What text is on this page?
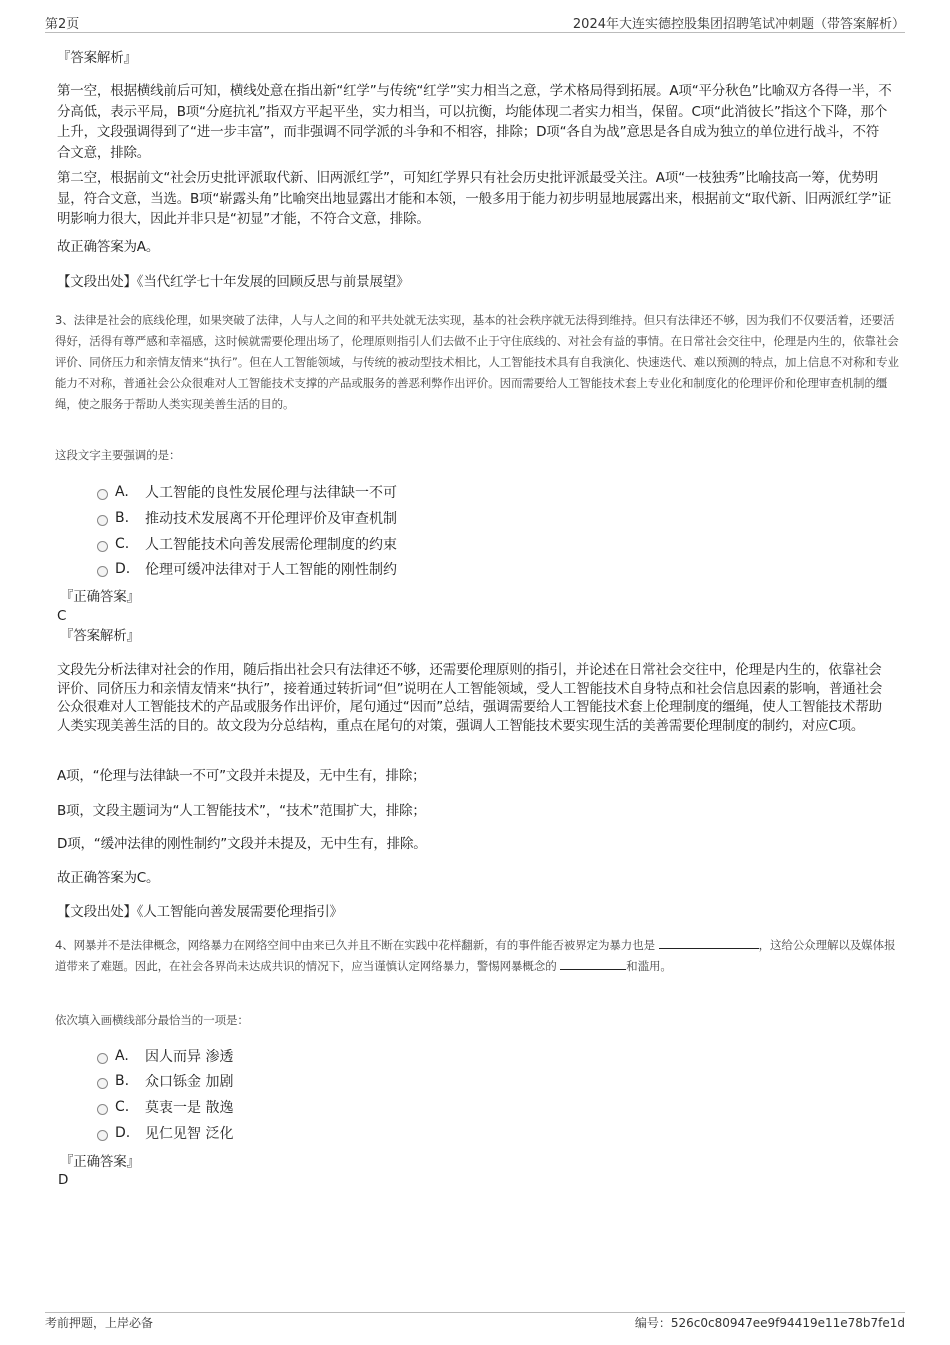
第2页	2024年大连实德控股集团招聘笔试冲刺题（带答案解析）
『答案解析』
第一空，根据横线前后可知，横线处意在指出新“红学”与传统“红学”实力相当之意，学术格局得到拓展。A项“平分秋色”比喻双方各得一半，不分高低，表示平局，B项“分庭抗礼”指双方平起平坐，实力相当，可以抗衡，均能体现二者实力相当，保留。C项“此消彼长”指这个下降，那个上升，文段强调得到了“进一步丰富”，而非强调不同学派的斗争和不相容，排除；D项“各自为战”意思是各自成为独立的单位进行战斗，不符合文意，排除。
第二空，根据前文“社会历史批评派取代新、旧两派红学”，可知红学界只有社会历史批评派最受关注。A项“一枝独秀”比喻技高一筹，优势明显，符合文意，当选。B项“崭露头角”比喻突出地显露出才能和本领，一般多用于能力初步明显地展露出来，根据前文“取代新、旧两派红学”证明影响力很大，因此并非只是“初显”才能，不符合文意，排除。
故正确答案为A。
【文段出处】《当代红学七十年发展的回顾反思与前景展望》
3、法律是社会的底线伦理，如果突破了法律，人与人之间的和平共处就无法实现，基本的社会秩序就无法得到维持。但只有法律还不够，因为我们不仅要活着，还要活得好，活得有尊严感和幸福感，这时候就需要伦理出场了，伦理原则指引人们去做不止于守住底线的、对社会有益的事情。在日常社会交往中，伦理是内生的，依靠社会评价、同侪压力和亲情友情来“执行”。但在人工智能领域，与传统的被动型技术相比，人工智能技术具有自我演化、快速迭代、难以预测的特点，加上信息不对称和专业能力不对称，普通社会公众很难对人工智能技术支撑的产品或服务的善恶利弊作出评价。因而需要给人工智能技术套上专业化和制度化的伦理评价和伦理审查机制的缰绳，使之服务于帮助人类实现美善生活的目的。
这段文字主要强调的是：
A.	人工智能的良性发展伦理与法律缺一不可
B.	推动技术发展离不开伦理评价及审查机制
C.	人工智能技术向善发展需伦理制度的约束
D.	伦理可缓冲法律对于人工智能的刚性制约
『正确答案』
C
『答案解析』
文段先分析法律对社会的作用，随后指出社会只有法律还不够，还需要伦理原则的指引，并论述在日常社会交往中，伦理是内生的，依靠社会评价、同侪压力和亲情友情来“执行”，接着通过转折词“但”说明在人工智能领域，受人工智能技术自身特点和社会信息因素的影响，普通社会公众很难对人工智能技术的产品或服务作出评价，尾句通过“因而”总结，强调需要给人工智能技术套上伦理制度的缰绳，使人工智能技术帮助人类实现美善生活的目的。故文段为分总结构，重点在尾句的对策，强调人工智能技术要实现生活的美善需要伦理制度的制约，对应C项。
A项，“伦理与法律缺一不可”文段并未提及，无中生有，排除；
B项，文段主题词为“人工智能技术”，“技术”范围扩大，排除；
D项，“缓冲法律的刚性制约”文段并未提及，无中生有，排除。
故正确答案为C。
【文段出处】《人工智能向善发展需要伦理指引》
4、网暴并不是法律概念，网络暴力在网络空间中由来已久并且不断在实践中花样翻新，有的事件能否被界定为暴力也是	，这给公众理解以及媒体报道带来了难题。因此，在社会各界尚未达成共识的情况下，应当谨慎认定网络暴力，警惕网暴概念的	和滥用。
依次填入画横线部分最恰当的一项是：
A.	因人而异 渗透
B.	众口铄金 加剧
C.	莫衷一是 散逸
D.	见仁见智 泛化
『正确答案』
D
考前押题，上岸必备	编号：526c0c80947ee9f94419e11e78b7fe1d
